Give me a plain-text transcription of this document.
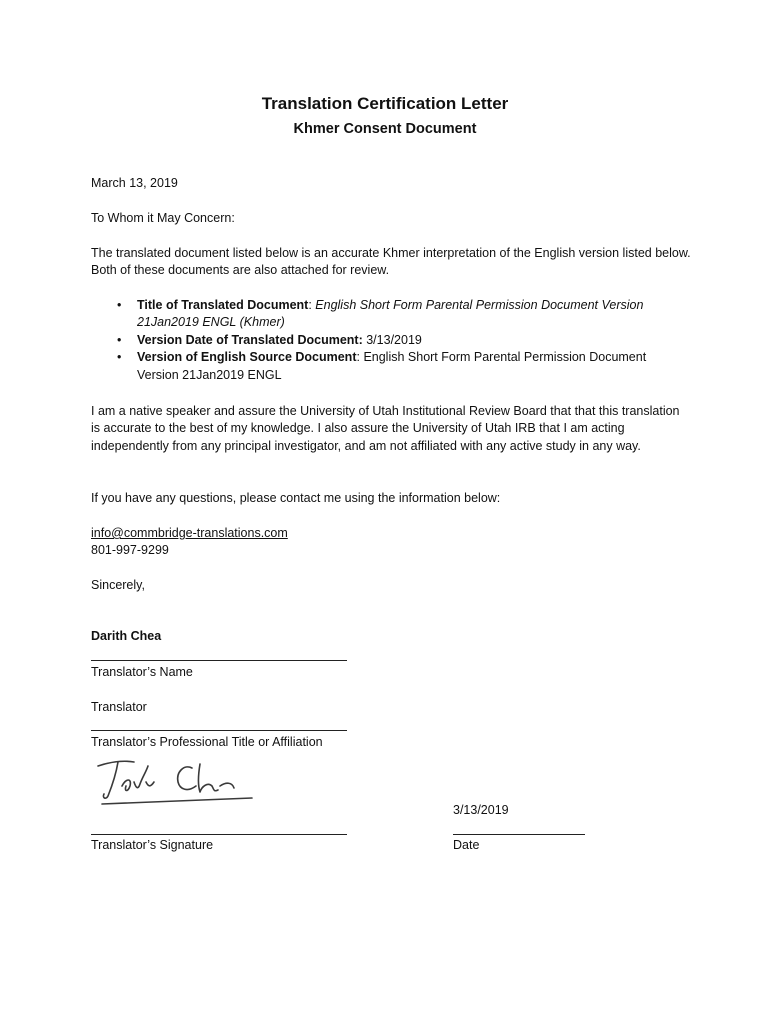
Translation Certification Letter
Khmer Consent Document

March 13, 2019

To Whom it May Concern:

The translated document listed below is an accurate Khmer interpretation of the English version listed below. Both of these documents are also attached for review.

• Title of Translated Document: English Short Form Parental Permission Document Version 21Jan2019 ENGL (Khmer)
• Version Date of Translated Document: 3/13/2019
• Version of English Source Document: English Short Form Parental Permission Document Version 21Jan2019 ENGL

I am a native speaker and assure the University of Utah Institutional Review Board that that this translation is accurate to the best of my knowledge. I also assure the University of Utah IRB that I am acting independently from any principal investigator, and am not affiliated with any active study in any way.

If you have any questions, please contact me using the information below:

info@commbridge-translations.com

801-997-9299

Sincerely,

Darith Chea

Translator’s Name

Translator

Translator’s Professional Title or Affiliation

3/13/2019

Translator’s Signature	Date
